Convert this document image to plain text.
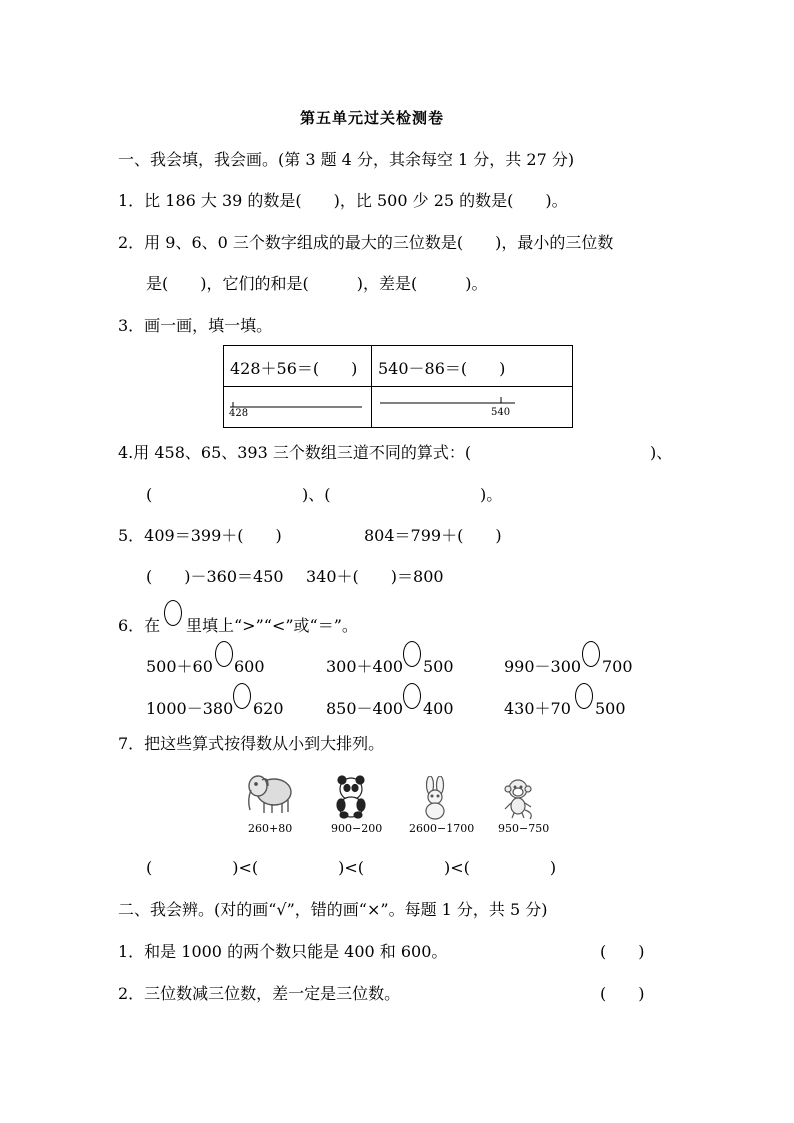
第五单元过关检测卷
一、我会填，我会画。(第 3 题 4 分，其余每空 1 分，共 27 分)
1．比 186 大 39 的数是(　　)，比 500 少 25 的数是(　　)。
2．用 9、6、0 三个数字组成的最大的三位数是(　　)，最小的三位数
是(　　)，它们的和是(　　　)，差是(　　　)。
3．画一画，填一填。
428＋56＝(　　)	540－86＝(　　)

428	540
4.用 458、65、393 三个数组三道不同的算式：(	)、
(	)、(	)。
5．409＝399＋(　　)	804＝799＋(　　)
(　　)－360＝450 340＋(　　)＝800
6．在 里填上“>”“<”或“＝”。
500＋60 600	300＋400 500	990－300 700
1000－380 620	850－400 400	430＋70 500
7．把这些算式按得数从小到大排列。
260+80	900−200 2600−1700 950−750
(　　　　　)<(　　　　　)<(　　　　　)<(　　　　　)
二、我会辨。(对的画“√”，错的画“×”。每题 1 分，共 5 分)
1．和是 1000 的两个数只能是 400 和 600。	(　　)
2．三位数减三位数，差一定是三位数。	(　　)
